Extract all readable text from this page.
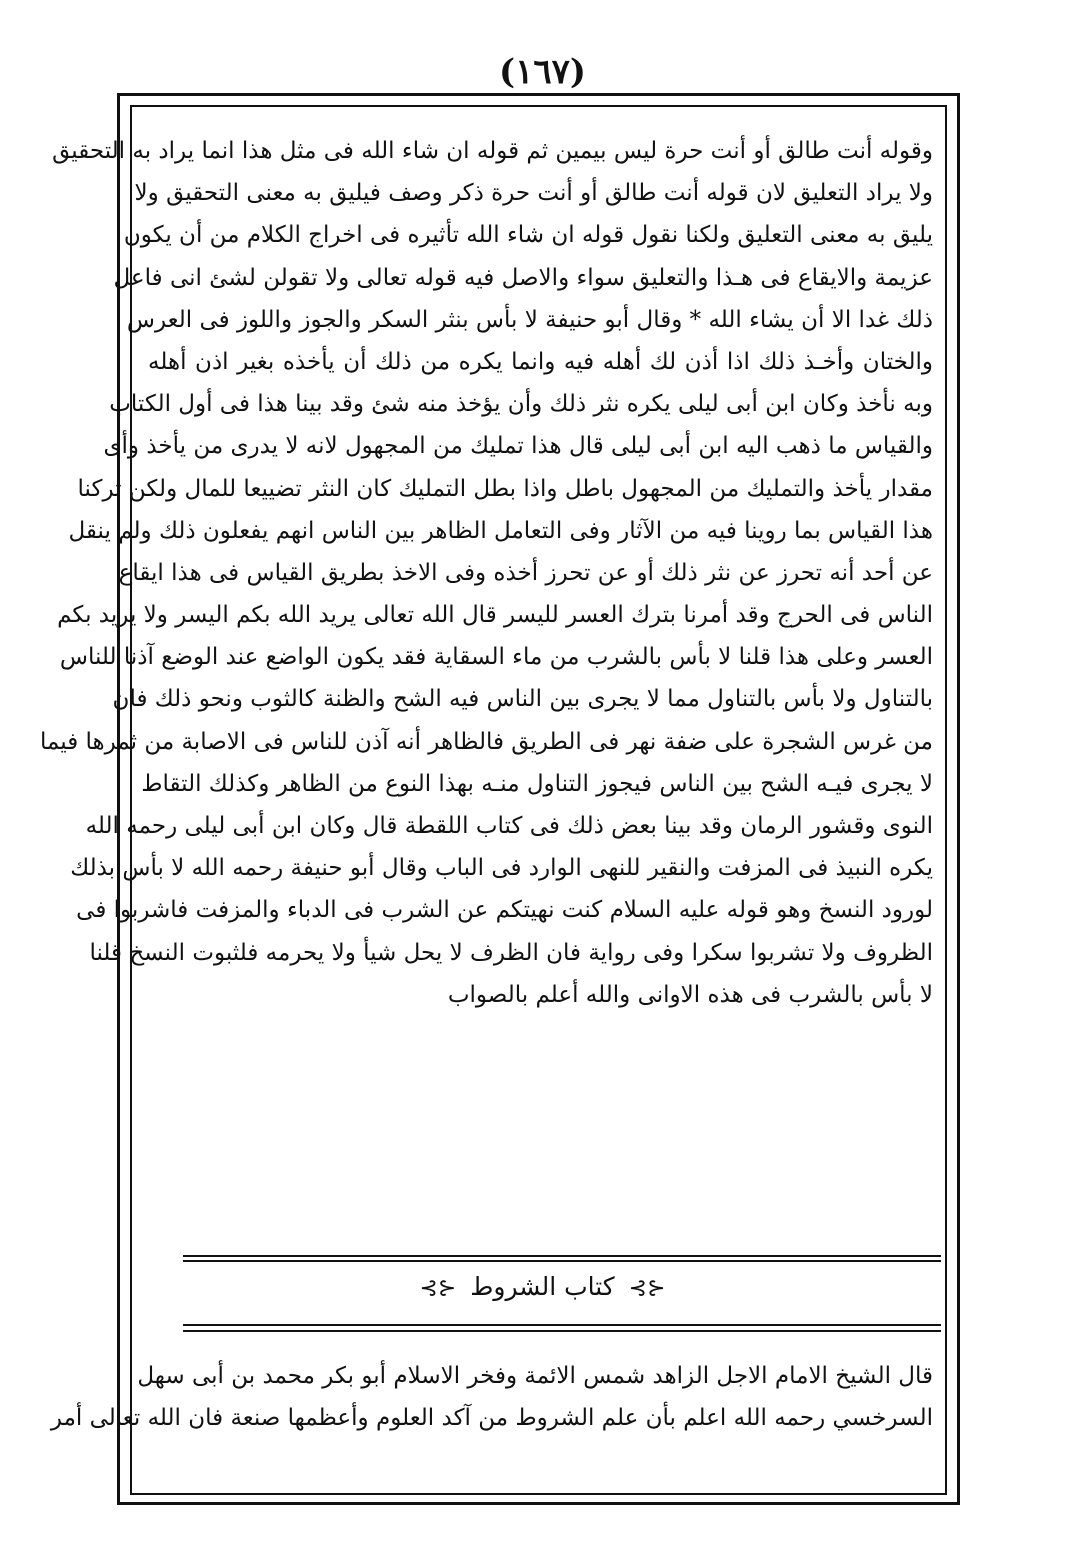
(١٦٧)
وقوله أنت طالق أو أنت حرة ليس بيمين ثم قوله ان شاء الله فى مثل هذا انما يراد به التحقيق
ولا يراد التعليق لان قوله أنت طالق أو أنت حرة ذكر وصف فيليق به معنى التحقيق ولا
يليق به معنى التعليق ولكنا نقول قوله ان شاء الله تأثيره فى اخراج الكلام من أن يكون
عزيمة والايقاع فى هـذا والتعليق سواء والاصل فيه قوله تعالى ولا تقولن لشئ انى فاعل
ذلك غدا الا أن يشاء الله * وقال أبو حنيفة لا بأس بنثر السكر والجوز واللوز فى العرس
والختان وأخـذ ذلك اذا أذن لك أهله فيه وانما يكره من ذلك أن يأخذه بغير اذن أهله
وبه نأخذ وكان ابن أبى ليلى يكره نثر ذلك وأن يؤخذ منه شئ وقد بينا هذا فى أول الكتاب
والقياس ما ذهب اليه ابن أبى ليلى قال هذا تمليك من المجهول لانه لا يدرى من يأخذ وأى
مقدار يأخذ والتمليك من المجهول باطل واذا بطل التمليك كان النثر تضييعا للمال ولكن تركنا
هذا القياس بما روينا فيه من الآثار وفى التعامل الظاهر بين الناس انهم يفعلون ذلك ولم ينقل
عن أحد أنه تحرز عن نثر ذلك أو عن تحرز أخذه وفى الاخذ بطريق القياس فى هذا ايقاع
الناس فى الحرج وقد أمرنا بترك العسر لليسر قال الله تعالى يريد الله بكم اليسر ولا يريد بكم
العسر وعلى هذا قلنا لا بأس بالشرب من ماء السقاية فقد يكون الواضع عند الوضع آذنا للناس
بالتناول ولا بأس بالتناول مما لا يجرى بين الناس فيه الشح والظنة كالثوب ونحو ذلك فان
من غرس الشجرة على ضفة نهر فى الطريق فالظاهر أنه آذن للناس فى الاصابة من ثمرها فيما
لا يجرى فيـه الشح بين الناس فيجوز التناول منـه بهذا النوع من الظاهر وكذلك التقاط
النوى وقشور الرمان وقد بينا بعض ذلك فى كتاب اللقطة قال وكان ابن أبى ليلى رحمه الله
يكره النبيذ فى المزفت والنقير للنهى الوارد فى الباب وقال أبو حنيفة رحمه الله لا بأس بذلك
لورود النسخ وهو قوله عليه السلام كنت نهيتكم عن الشرب فى الدباء والمزفت فاشربوا فى
الظروف ولا تشربوا سكرا وفى رواية فان الظرف لا يحل شيأ ولا يحرمه فلثبوت النسخ قلنا
لا بأس بالشرب فى هذه الاوانى والله أعلم بالصواب
⊰⊱ كتاب الشروط ⊰⊱
قال الشيخ الامام الاجل الزاهد شمس الائمة وفخر الاسلام أبو بكر محمد بن أبى سهل
السرخسي رحمه الله اعلم بأن علم الشروط من آكد العلوم وأعظمها صنعة فان الله تعالى أمر
